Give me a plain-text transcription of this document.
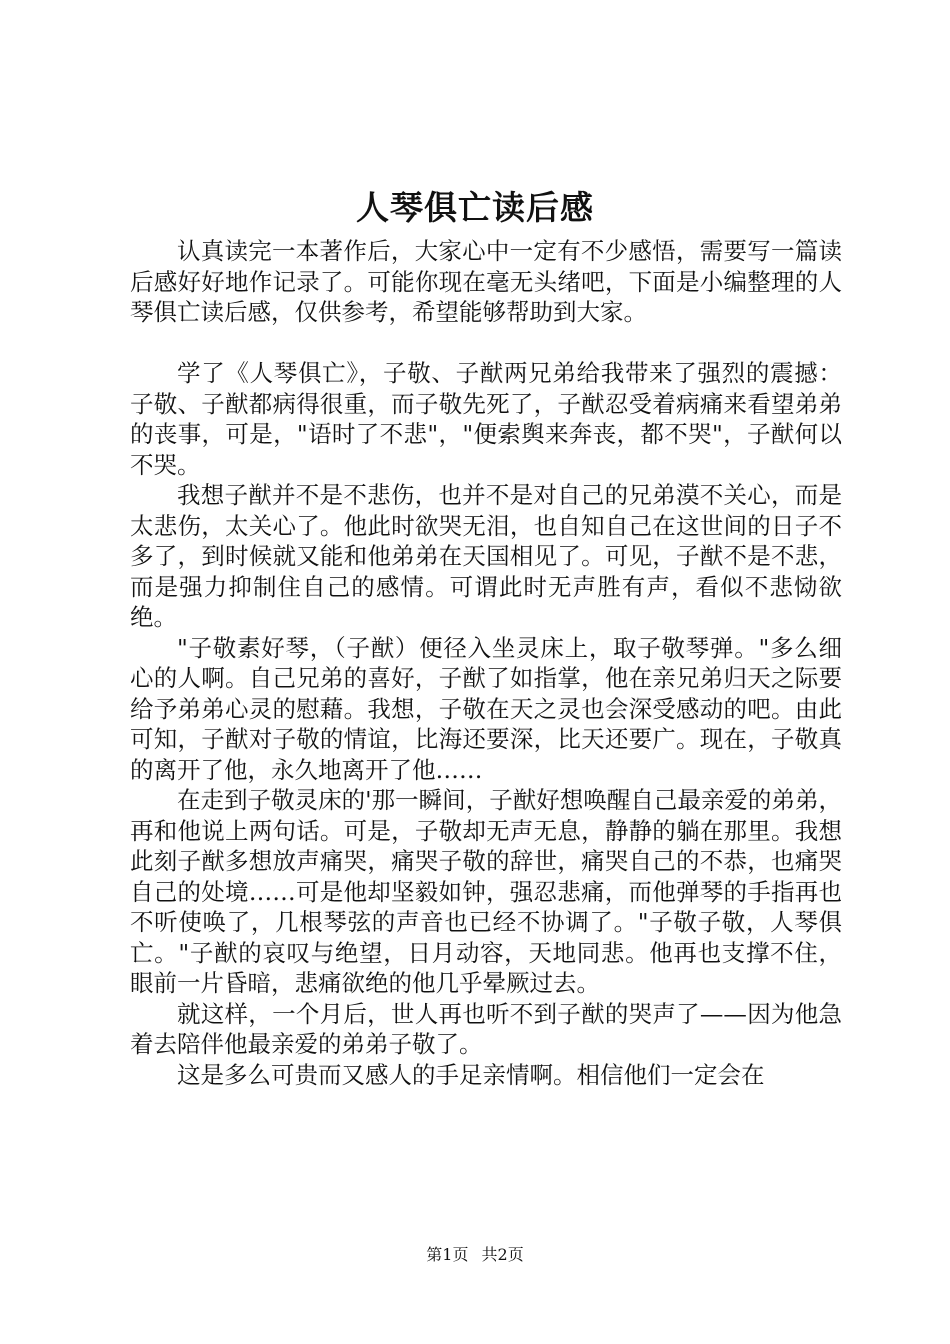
人琴俱亡读后感

认真读完一本著作后，大家心中一定有不少感悟，需要写一篇读后感好好地作记录了。可能你现在毫无头绪吧，下面是小编整理的人琴俱亡读后感，仅供参考，希望能够帮助到大家。

学了《人琴俱亡》，子敬、子猷两兄弟给我带来了强烈的震撼：子敬、子猷都病得很重，而子敬先死了，子猷忍受着病痛来看望弟弟的丧事，可是，"语时了不悲"，"便索舆来奔丧，都不哭"，子猷何以不哭。

我想子猷并不是不悲伤，也并不是对自己的兄弟漠不关心，而是太悲伤，太关心了。他此时欲哭无泪，也自知自己在这世间的日子不多了，到时候就又能和他弟弟在天国相见了。可见，子猷不是不悲，而是强力抑制住自己的感情。可谓此时无声胜有声，看似不悲恸欲绝。

"子敬素好琴，（子猷）便径入坐灵床上，取子敬琴弹。"多么细心的人啊。自己兄弟的喜好，子猷了如指掌，他在亲兄弟归天之际要给予弟弟心灵的慰藉。我想，子敬在天之灵也会深受感动的吧。由此可知，子猷对子敬的情谊，比海还要深，比天还要广。现在，子敬真的离开了他，永久地离开了他……

在走到子敬灵床的'那一瞬间，子猷好想唤醒自己最亲爱的弟弟，再和他说上两句话。可是，子敬却无声无息，静静的躺在那里。我想此刻子猷多想放声痛哭，痛哭子敬的辞世，痛哭自己的不恭，也痛哭自己的处境……可是他却坚毅如钟，强忍悲痛，而他弹琴的手指再也不听使唤了，几根琴弦的声音也已经不协调了。"子敬子敬，人琴俱亡。"子猷的哀叹与绝望，日月动容，天地同悲。他再也支撑不住，眼前一片昏暗，悲痛欲绝的他几乎晕厥过去。

就这样，一个月后，世人再也听不到子猷的哭声了——因为他急着去陪伴他最亲爱的弟弟子敬了。

这是多么可贵而又感人的手足亲情啊。相信他们一定会在

第1页 共2页
